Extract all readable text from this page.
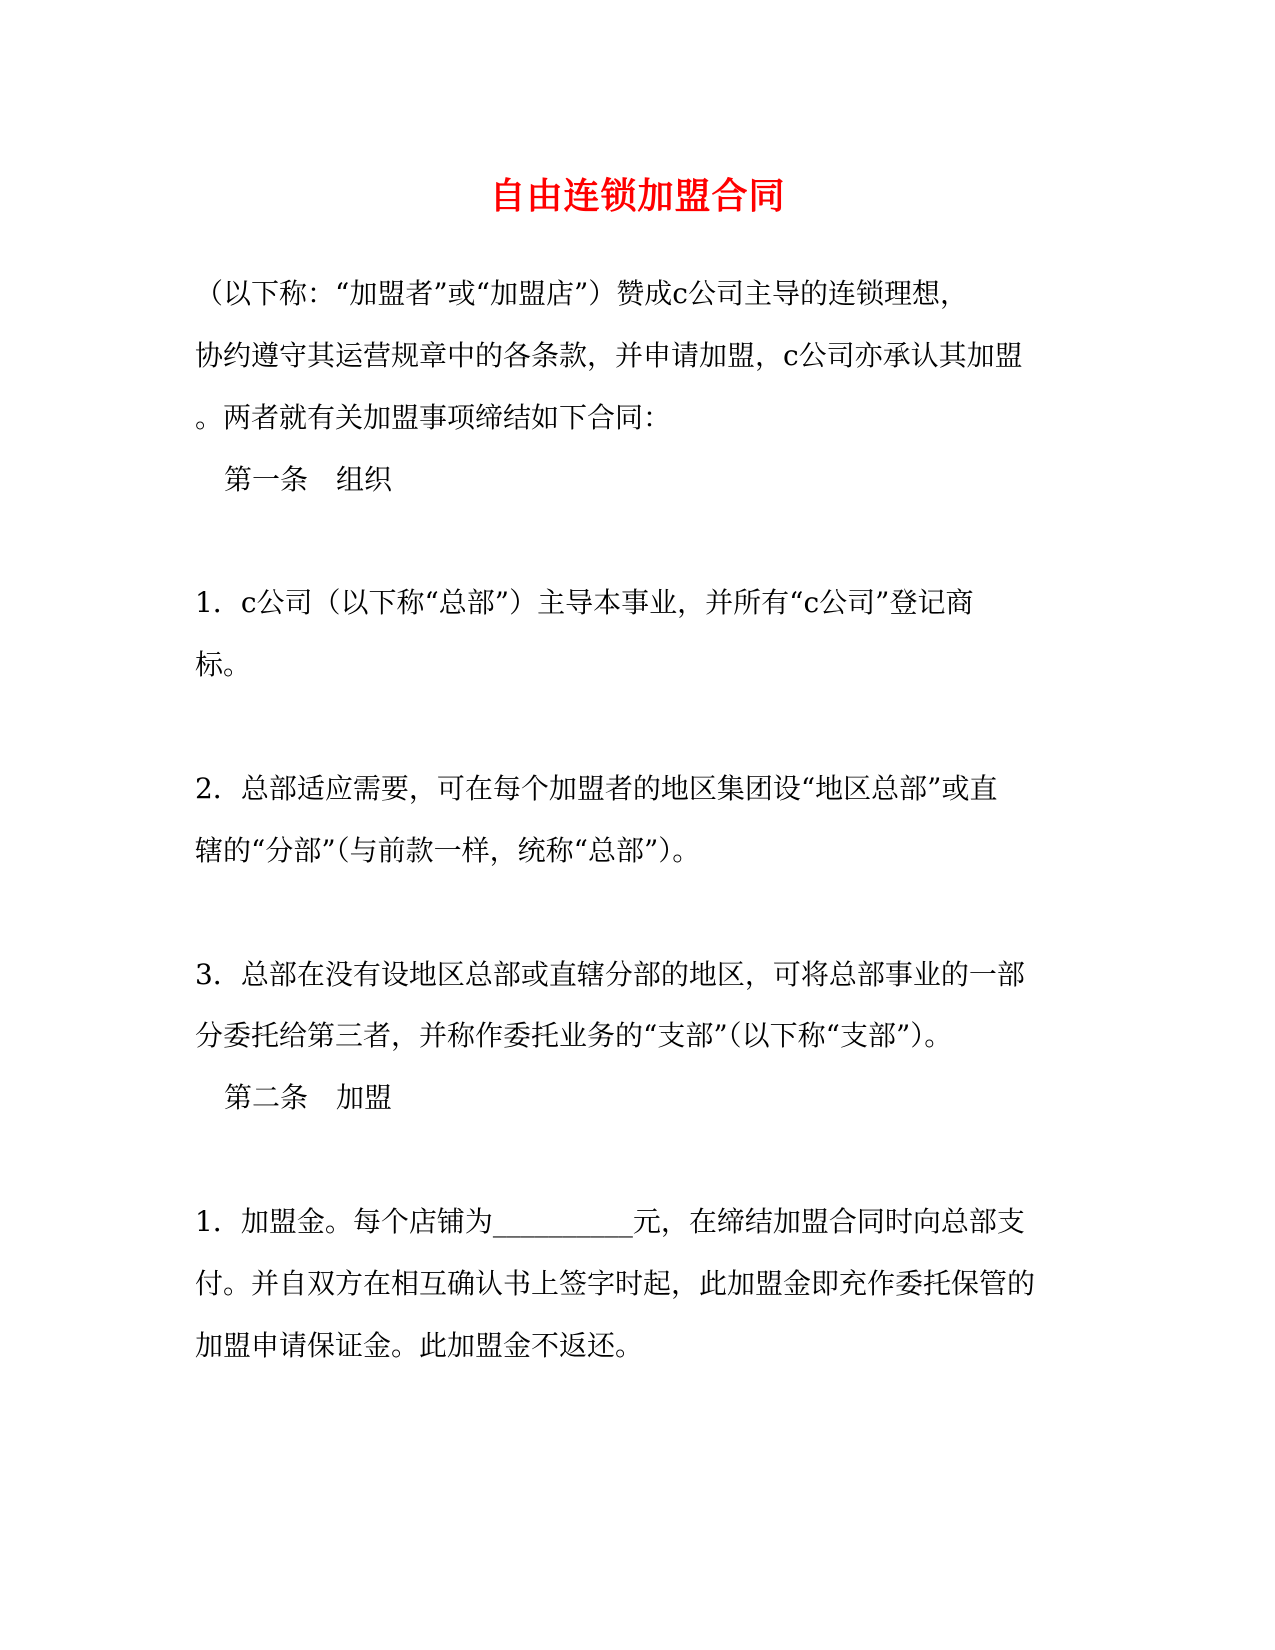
自由连锁加盟合同

（以下称：“加盟者”或“加盟店”）赞成c公司主导的连锁理想，

协约遵守其运营规章中的各条款，并申请加盟，c公司亦承认其加盟

。两者就有关加盟事项缔结如下合同：

第一条　组织

1．c公司（以下称“总部”）主导本事业，并所有“c公司”登记商

标。

2．总部适应需要，可在每个加盟者的地区集团设“地区总部”或直

辖的“分部”（与前款一样，统称“总部”）。

3．总部在没有设地区总部或直辖分部的地区，可将总部事业的一部

分委托给第三者，并称作委托业务的“支部”（以下称“支部”）。

第二条　加盟

1．加盟金。每个店铺为__________元，在缔结加盟合同时向总部支

付。并自双方在相互确认书上签字时起，此加盟金即充作委托保管的

加盟申请保证金。此加盟金不返还。
